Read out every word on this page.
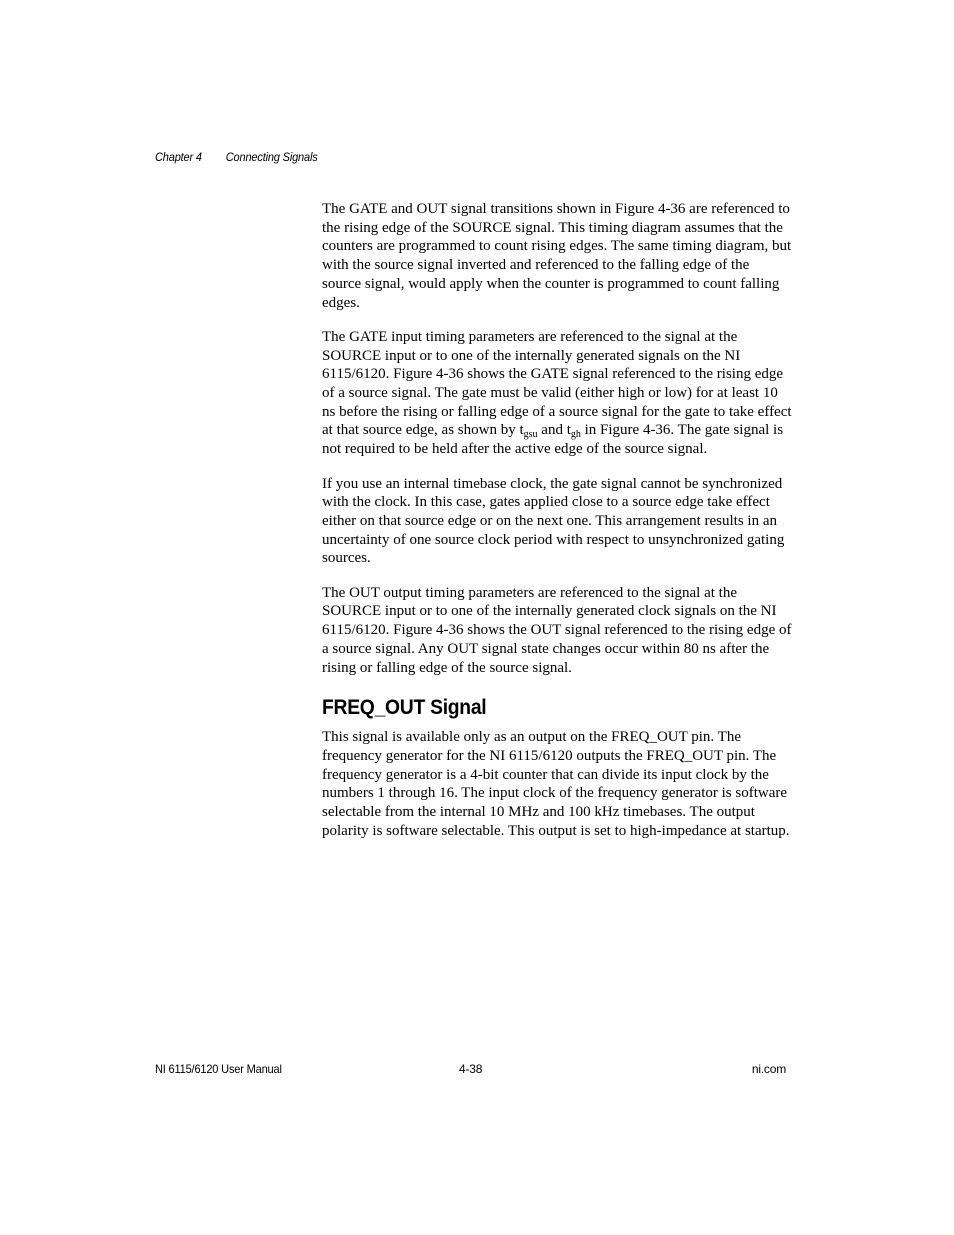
Chapter 4 Connecting Signals

The GATE and OUT signal transitions shown in Figure 4-36 are referenced to the rising edge of the SOURCE signal. This timing diagram assumes that the counters are programmed to count rising edges. The same timing diagram, but with the source signal inverted and referenced to the falling edge of the source signal, would apply when the counter is programmed to count falling edges.

The GATE input timing parameters are referenced to the signal at the SOURCE input or to one of the internally generated signals on the NI 6115/6120. Figure 4-36 shows the GATE signal referenced to the rising edge of a source signal. The gate must be valid (either high or low) for at least 10 ns before the rising or falling edge of a source signal for the gate to take effect at that source edge, as shown by $t_{gsu}$ and $t_{gh}$ in Figure 4-36. The gate signal is not required to be held after the active edge of the source signal.

If you use an internal timebase clock, the gate signal cannot be synchronized with the clock. In this case, gates applied close to a source edge take effect either on that source edge or on the next one. This arrangement results in an uncertainty of one source clock period with respect to unsynchronized gating sources.

The OUT output timing parameters are referenced to the signal at the SOURCE input or to one of the internally generated clock signals on the NI 6115/6120. Figure 4-36 shows the OUT signal referenced to the rising edge of a source signal. Any OUT signal state changes occur within 80 ns after the rising or falling edge of the source signal.

FREQ_OUT Signal

This signal is available only as an output on the FREQ_OUT pin. The frequency generator for the NI 6115/6120 outputs the FREQ_OUT pin. The frequency generator is a 4-bit counter that can divide its input clock by the numbers 1 through 16. The input clock of the frequency generator is software selectable from the internal 10 MHz and 100 kHz timebases. The output polarity is software selectable. This output is set to high-impedance at startup.

NI 6115/6120 User Manual	4-38	ni.com
